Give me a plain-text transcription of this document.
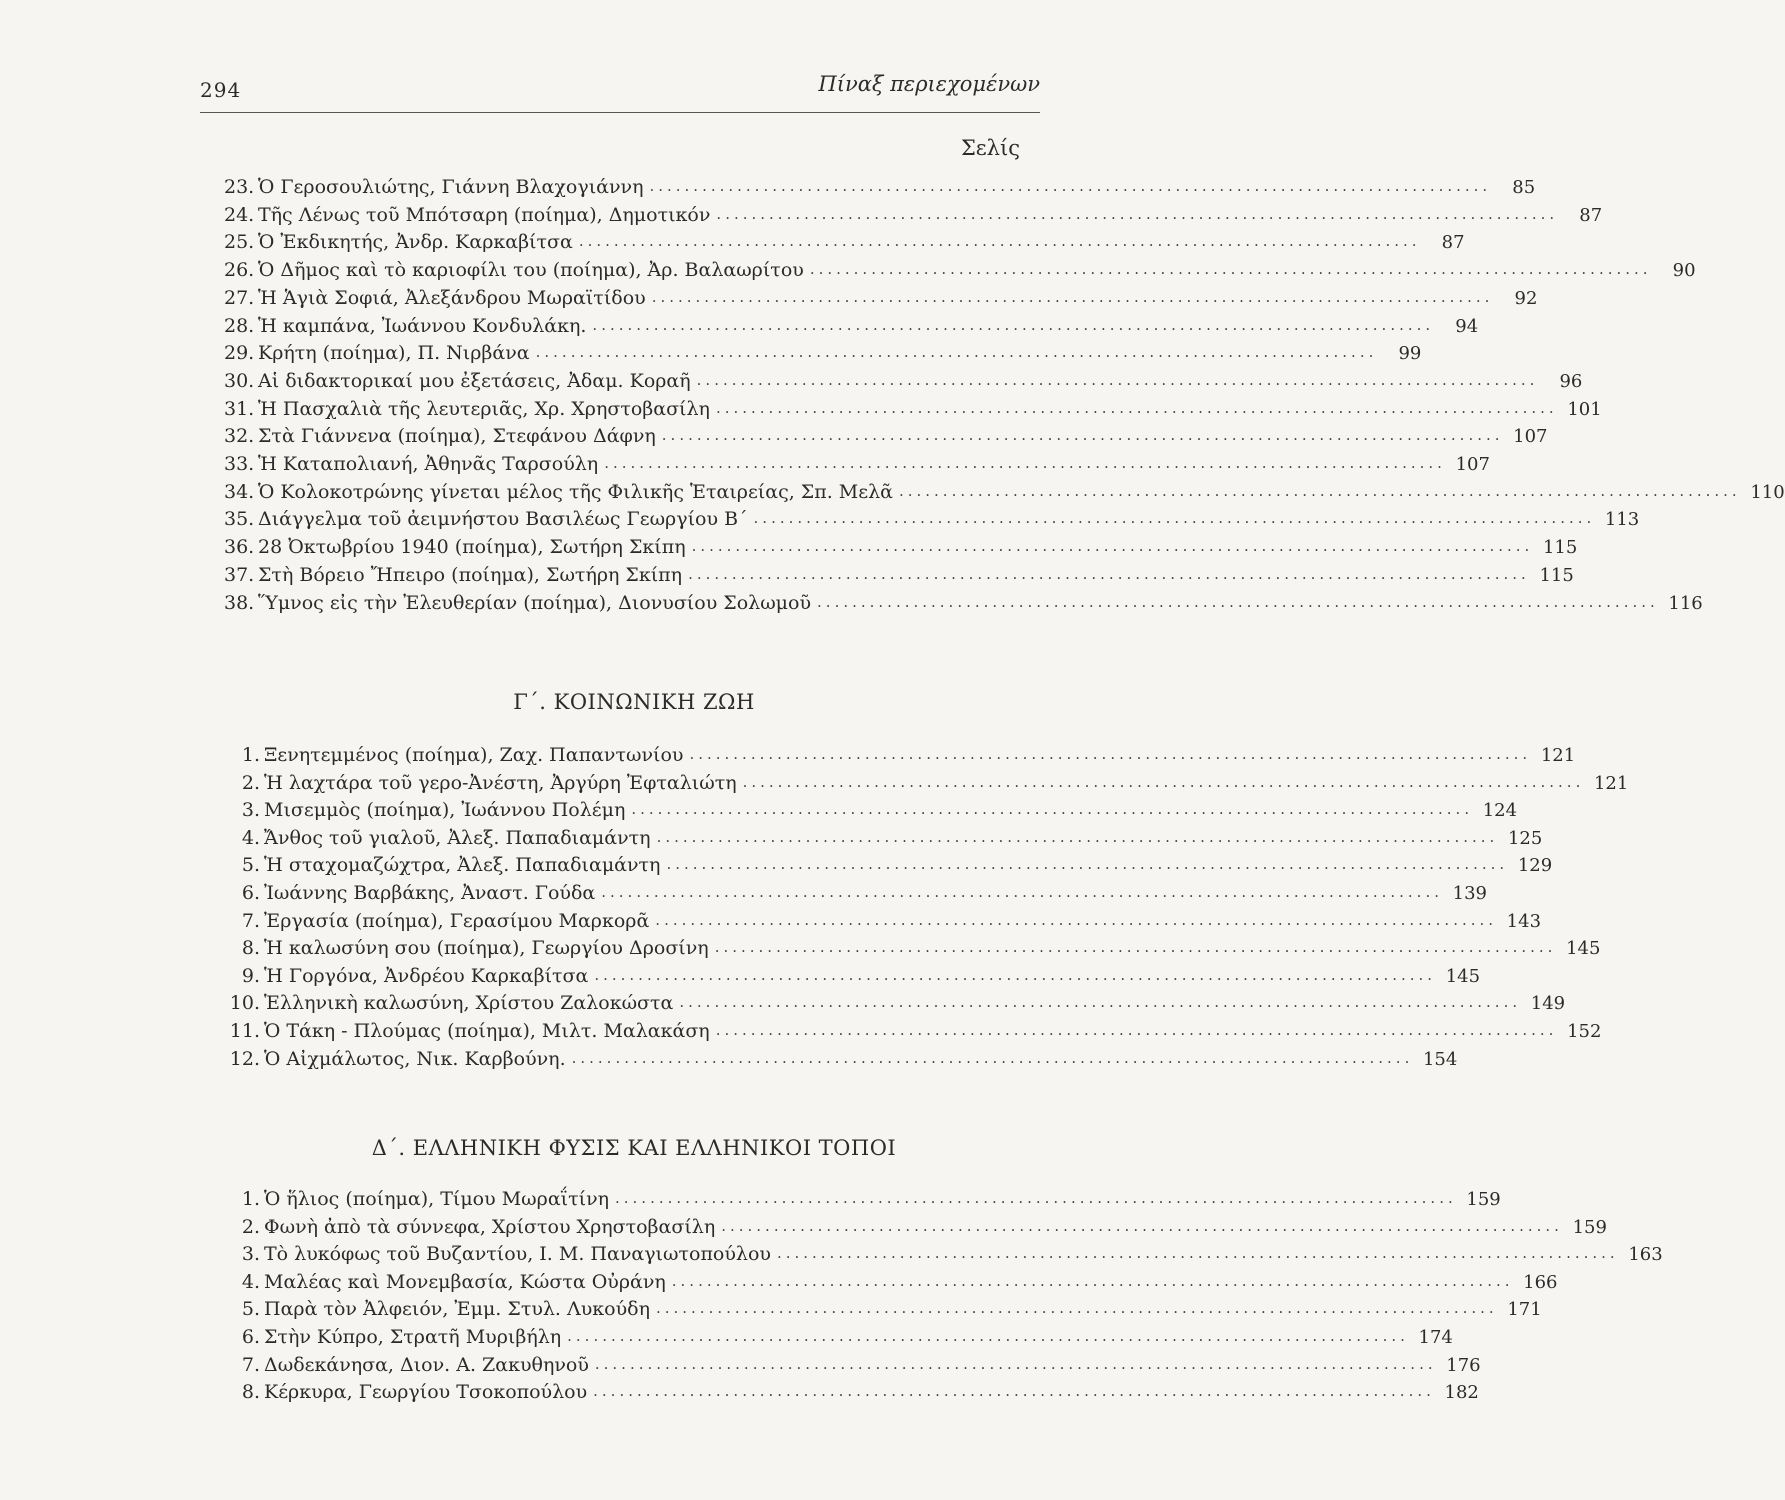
294	Πίναξ περιεχομένων
Σελίς
23. Ὁ Γεροσουλιώτης, Γιάννη Βλαχογιάννη ................................................................................................	85
24. Τῆς Λένως τοῦ Μπότσαρη (ποίημα), Δημοτικόν ................................................................................................	87
25. Ὁ Ἐκδικητής, Ἀνδρ. Καρκαβίτσα ................................................................................................	87
26. Ὁ Δῆμος καὶ τὸ καριοφίλι του (ποίημα), Ἀρ. Βαλαωρίτου ................................................................................................	90
27. Ἡ Ἁγιὰ Σοφιά, Ἀλεξάνδρου Μωραϊτίδου ................................................................................................	92
28. Ἡ καμπάνα, Ἰωάννου Κονδυλάκη. ................................................................................................	94
29. Κρήτη (ποίημα), Π. Νιρβάνα ................................................................................................	99
30. Αἱ διδακτορικαί μου ἐξετάσεις, Ἀδαμ. Κοραῆ ................................................................................................	96
31. Ἡ Πασχαλιὰ τῆς λευτεριᾶς, Χρ. Χρηστοβασίλη ................................................................................................ 101
32. Στὰ Γιάννενα (ποίημα), Στεφάνου Δάφνη ................................................................................................ 107
33. Ἡ Καταπολιανή, Ἀθηνᾶς Ταρσούλη ................................................................................................ 107
34. Ὁ Κολοκοτρώνης γίνεται μέλος τῆς Φιλικῆς Ἑταιρείας, Σπ. Μελᾶ ................................................................................................ 110
35. Διάγγελμα τοῦ ἀειμνήστου Βασιλέως Γεωργίου Β΄ ................................................................................................ 113
36. 28 Ὀκτωβρίου 1940 (ποίημα), Σωτήρη Σκίπη ................................................................................................ 115
37. Στὴ Βόρειο Ἤπειρο (ποίημα), Σωτήρη Σκίπη ................................................................................................ 115
38. Ὕμνος εἰς τὴν Ἐλευθερίαν (ποίημα), Διονυσίου Σολωμοῦ ................................................................................................ 116
Γ΄. ΚΟΙΝΩΝΙΚΗ ΖΩΗ
1. Ξενητεμμένος (ποίημα), Ζαχ. Παπαντωνίου ................................................................................................ 121
2. Ἡ λαχτάρα τοῦ γερο-Ἀνέστη, Ἀργύρη Ἐφταλιώτη ................................................................................................ 121
3. Μισεμμὸς (ποίημα), Ἰωάννου Πολέμη ................................................................................................ 124
4. Ἄνθος τοῦ γιαλοῦ, Ἀλεξ. Παπαδιαμάντη ................................................................................................ 125
5. Ἡ σταχομαζώχτρα, Ἀλεξ. Παπαδιαμάντη ................................................................................................ 129
6. Ἰωάννης Βαρβάκης, Ἀναστ. Γούδα ................................................................................................ 139
7. Ἐργασία (ποίημα), Γερασίμου Μαρκορᾶ ................................................................................................ 143
8. Ἡ καλωσύνη σου (ποίημα), Γεωργίου Δροσίνη ................................................................................................ 145
9. Ἡ Γοργόνα, Ἀνδρέου Καρκαβίτσα ................................................................................................ 145
10. Ἑλληνικὴ καλωσύνη, Χρίστου Ζαλοκώστα ................................................................................................ 149
11. Ὁ Τάκη - Πλούμας (ποίημα), Μιλτ. Μαλακάση ................................................................................................ 152
12. Ὁ Αἰχμάλωτος, Νικ. Καρβούνη. ................................................................................................ 154
Δ΄. ΕΛΛΗΝΙΚΗ ΦΥΣΙΣ ΚΑΙ ΕΛΛΗΝΙΚΟΙ ΤΟΠΟΙ
1. Ὁ ἥλιος (ποίημα), Τίμου Μωραΐτίνη ................................................................................................ 159
2. Φωνὴ ἀπὸ τὰ σύννεφα, Χρίστου Χρηστοβασίλη ................................................................................................ 159
3. Τὸ λυκόφως τοῦ Βυζαντίου, Ι. Μ. Παναγιωτοπούλου ................................................................................................ 163
4. Μαλέας καὶ Μονεμβασία, Κώστα Οὐράνη ................................................................................................ 166
5. Παρὰ τὸν Ἀλφειόν, Ἐμμ. Στυλ. Λυκούδη ................................................................................................ 171
6. Στὴν Κύπρο, Στρατῆ Μυριβήλη ................................................................................................ 174
7. Δωδεκάνησα, Διον. Α. Ζακυθηνοῦ ................................................................................................ 176
8. Κέρκυρα, Γεωργίου Τσοκοπούλου ................................................................................................ 182
